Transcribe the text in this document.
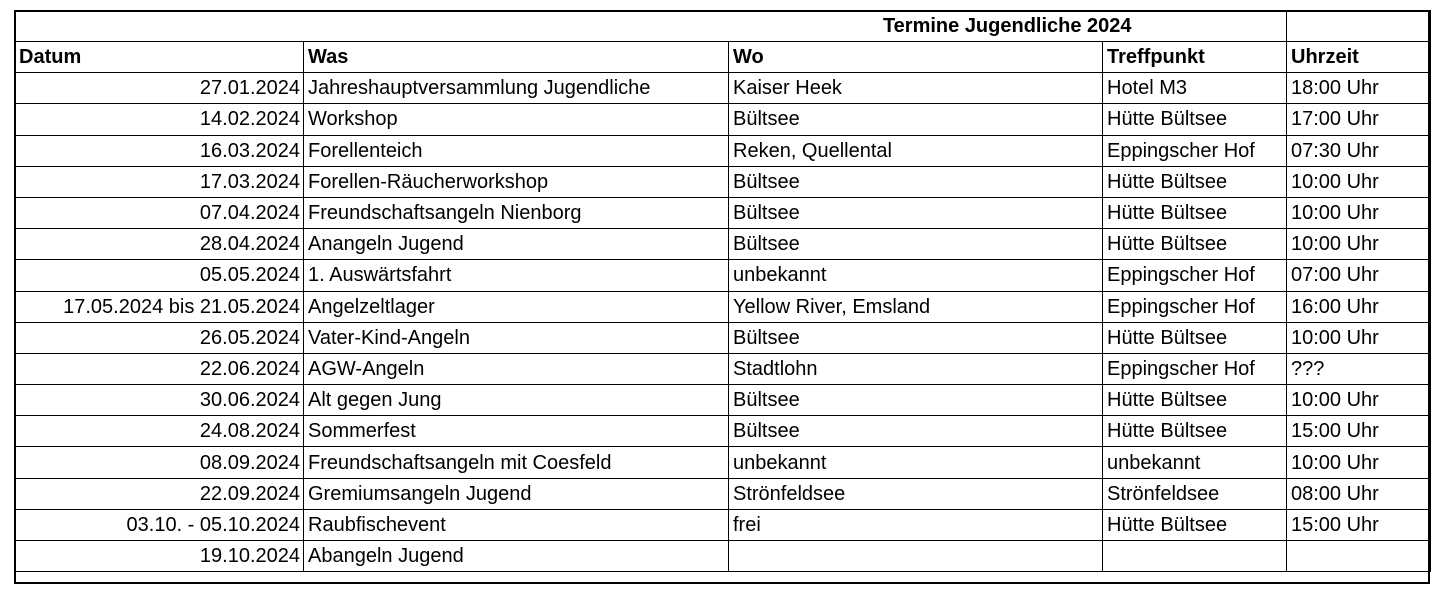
		Termine Jugendliche 2024		
Datum	Was	Wo	Treffpunkt	Uhrzeit
27.01.2024	Jahreshauptversammlung Jugendliche	Kaiser Heek	Hotel M3	18:00 Uhr
14.02.2024	Workshop	Bültsee	Hütte Bültsee	17:00 Uhr
16.03.2024	Forellenteich	Reken, Quellental	Eppingscher Hof	07:30 Uhr
17.03.2024	Forellen-Räucherworkshop	Bültsee	Hütte Bültsee	10:00 Uhr
07.04.2024	Freundschaftsangeln Nienborg	Bültsee	Hütte Bültsee	10:00 Uhr
28.04.2024	Anangeln Jugend	Bültsee	Hütte Bültsee	10:00 Uhr
05.05.2024	1. Auswärtsfahrt	unbekannt	Eppingscher Hof	07:00 Uhr
17.05.2024 bis 21.05.2024	Angelzeltlager	Yellow River, Emsland	Eppingscher Hof	16:00 Uhr
26.05.2024	Vater-Kind-Angeln	Bültsee	Hütte Bültsee	10:00 Uhr
22.06.2024	AGW-Angeln	Stadtlohn	Eppingscher Hof	???
30.06.2024	Alt gegen Jung	Bültsee	Hütte Bültsee	10:00 Uhr
24.08.2024	Sommerfest	Bültsee	Hütte Bültsee	15:00 Uhr
08.09.2024	Freundschaftsangeln mit Coesfeld	unbekannt	unbekannt	10:00 Uhr
22.09.2024	Gremiumsangeln Jugend	Strönfeldsee	Strönfeldsee	08:00 Uhr
03.10. - 05.10.2024	Raubfischevent	frei	Hütte Bültsee	15:00 Uhr
19.10.2024	Abangeln Jugend			
